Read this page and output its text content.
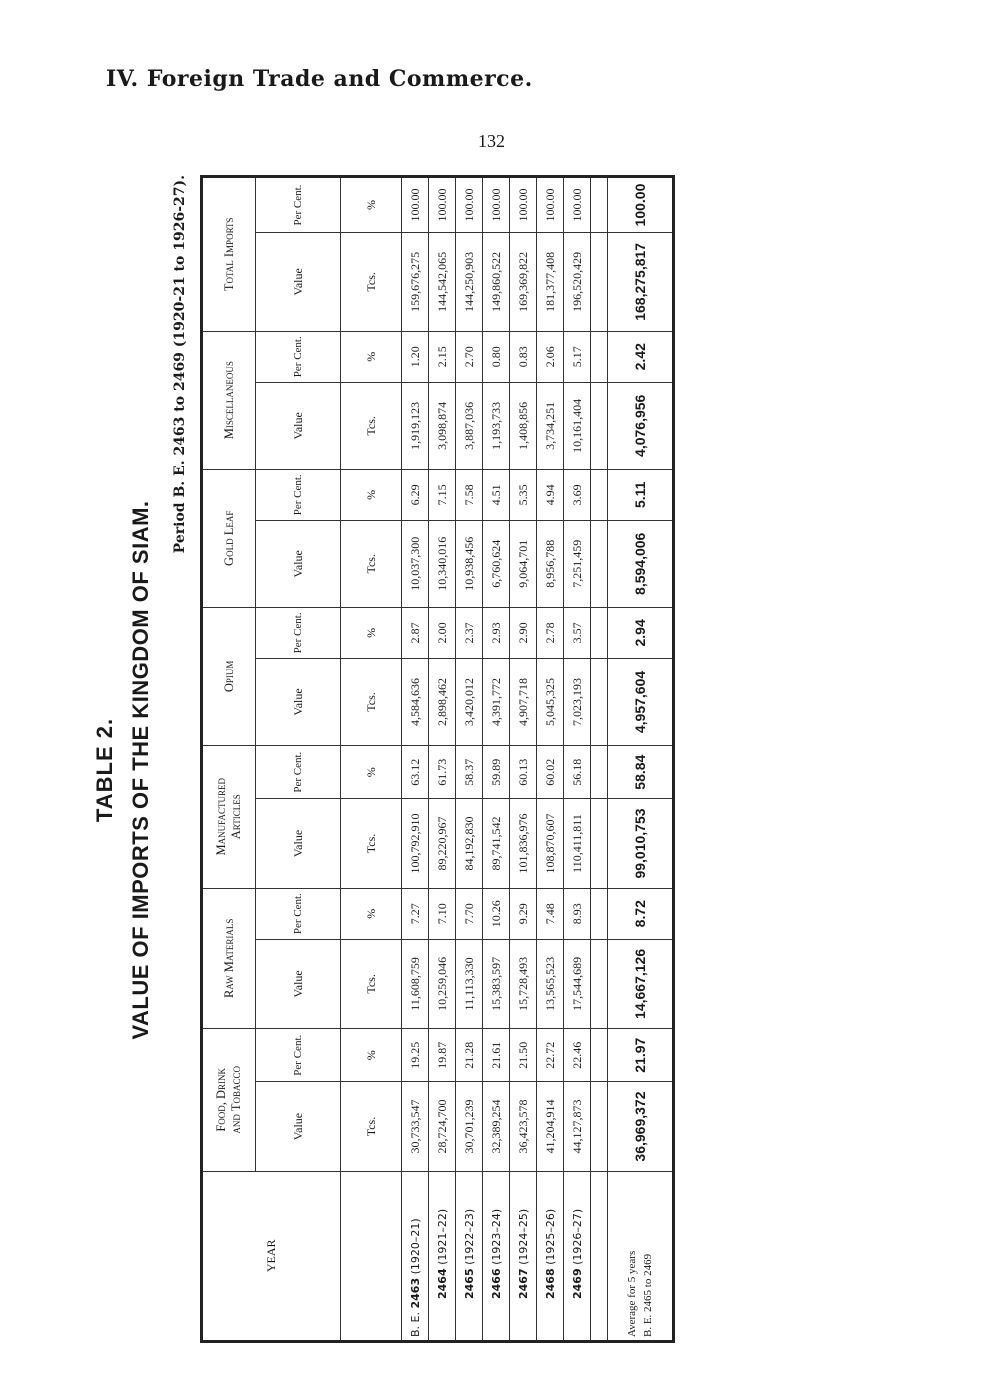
IV. Foreign Trade and Commerce.
132
TABLE 2. VALUE OF IMPORTS OF THE KINGDOM OF SIAM.
Period B. E. 2463 to 2469 (1920-21 to 1926-27).
YEAR	Food, Drink
and Tobacco		Raw Materials		Manufactured
Articles		Opium		Gold Leaf		Miscellaneous		Total Imports	
	Value	Per Cent.	Value	Per Cent.	Value	Per Cent.	Value	Per Cent.	Value	Per Cent.	Value	Per Cent.	Value	Per Cent.
	Tcs.	%	Tcs.	%	Tcs.	%	Tcs.	%	Tcs.	%	Tcs.	%	Tcs.	%
B. E. 2463 (1920–21)	30,733,547	19.25	11,608,759	7.27	100,792,910	63.12	4,584,636	2.87	10,037,300	6.29	1,919,123	1.20	159,676,275	100.00
2464 (1921–22)	28,724,700	19.87	10,259,046	7.10	89,220,967	61.73	2,898,462	2.00	10,340,016	7.15	3,098,874	2.15	144,542,065	100.00
2465 (1922–23)	30,701,239	21.28	11,113,330	7.70	84,192,830	58.37	3,420,012	2.37	10,938,456	7.58	3,887,036	2.70	144,250,903	100.00
2466 (1923–24)	32,389,254	21.61	15,383,597	10.26	89,741,542	59.89	4,391,772	2.93	6,760,624	4.51	1,193,733	0.80	149,860,522	100.00
2467 (1924–25)	36,423,578	21.50	15,728,493	9.29	101,836,976	60.13	4,907,718	2.90	9,064,701	5.35	1,408,856	0.83	169,369,822	100.00
2468 (1925–26)	41,204,914	22.72	13,565,523	7.48	108,870,607	60.02	5,045,325	2.78	8,956,788	4.94	3,734,251	2.06	181,377,408	100.00
2469 (1926–27)	44,127,873	22.46	17,544,689	8.93	110,411,811	56.18	7,023,193	3.57	7,251,459	3.69	10,161,404	5.17	196,520,429	100.00

Average for 5 years B. E. 2465 to 2469	36,969,372	21.97	14,667,126	8.72	99,010,753	58.84	4,957,604	2.94	8,594,006	5.11	4,076,956	2.42	168,275,817	100.00
